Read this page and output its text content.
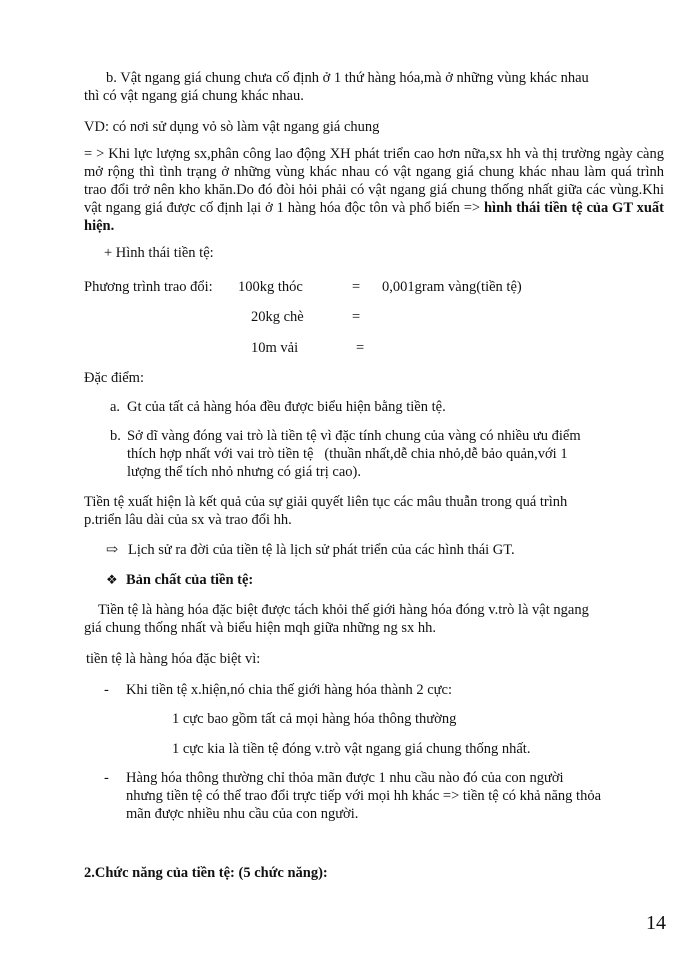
b. Vật ngang giá chung chưa cố định ở 1 thứ hàng hóa,mà ở những vùng khác nhau

thì có vật ngang giá chung khác nhau.

VD: có nơi sử dụng vỏ sò làm vật ngang giá chung

= > Khi lực lượng sx,phân công lao động XH phát triển cao hơn nữa,sx hh và thị trường ngày càng mở rộng thì tình trạng ở những vùng khác nhau có vật ngang giá chung khác nhau làm quá trình trao đổi trở nên kho khăn.Do đó đòi hỏi phải có vật ngang giá chung thống nhất giữa các vùng.Khi vật ngang giá được cố định lại ở 1 hàng hóa độc tôn và phổ biến => hình thái tiền tệ của GT xuất hiện.

+ Hình thái tiền tệ:

Phương trình trao đổi: 100kg thóc	= 0,001gram vàng(tiền tệ)
20kg chè	=
10m vải	=

Đặc điểm:

a. Gt của tất cả hàng hóa đều được biểu hiện bằng tiền tệ.

b. Sở dĩ vàng đóng vai trò là tiền tệ vì đặc tính chung của vàng có nhiều ưu điểm

thích hợp nhất với vai trò tiền tệ   (thuần nhất,dễ chia nhỏ,dễ bảo quản,với 1

lượng thể tích nhỏ nhưng có giá trị cao).

Tiền tệ xuất hiện là kết quả của sự giải quyết liên tục các mâu thuẫn trong quá trình

p.triển lâu dài của sx và trao đổi hh.

⇨ Lịch sử ra đời của tiền tệ là lịch sử phát triển của các hình thái GT.

❖ Bản chất của tiền tệ:

Tiền tệ là hàng hóa đặc biệt được tách khỏi thế giới hàng hóa đóng v.trò là vật ngang

giá chung thống nhất và biểu hiện mqh giữa những ng sx hh.

tiền tệ là hàng hóa đặc biệt vì:

- Khi tiền tệ x.hiện,nó chia thế giới hàng hóa thành 2 cực:

1 cực bao gồm tất cả mọi hàng hóa thông thường

1 cực kia là tiền tệ đóng v.trò vật ngang giá chung thống nhất.

- Hàng hóa thông thường chỉ thỏa mãn được 1 nhu cầu nào đó của con người

nhưng tiền tệ có thể trao đổi trực tiếp với mọi hh khác => tiền tệ có khả năng thỏa

mãn được nhiều nhu cầu của con người.

2.Chức năng của tiền tệ: (5 chức năng):

14
